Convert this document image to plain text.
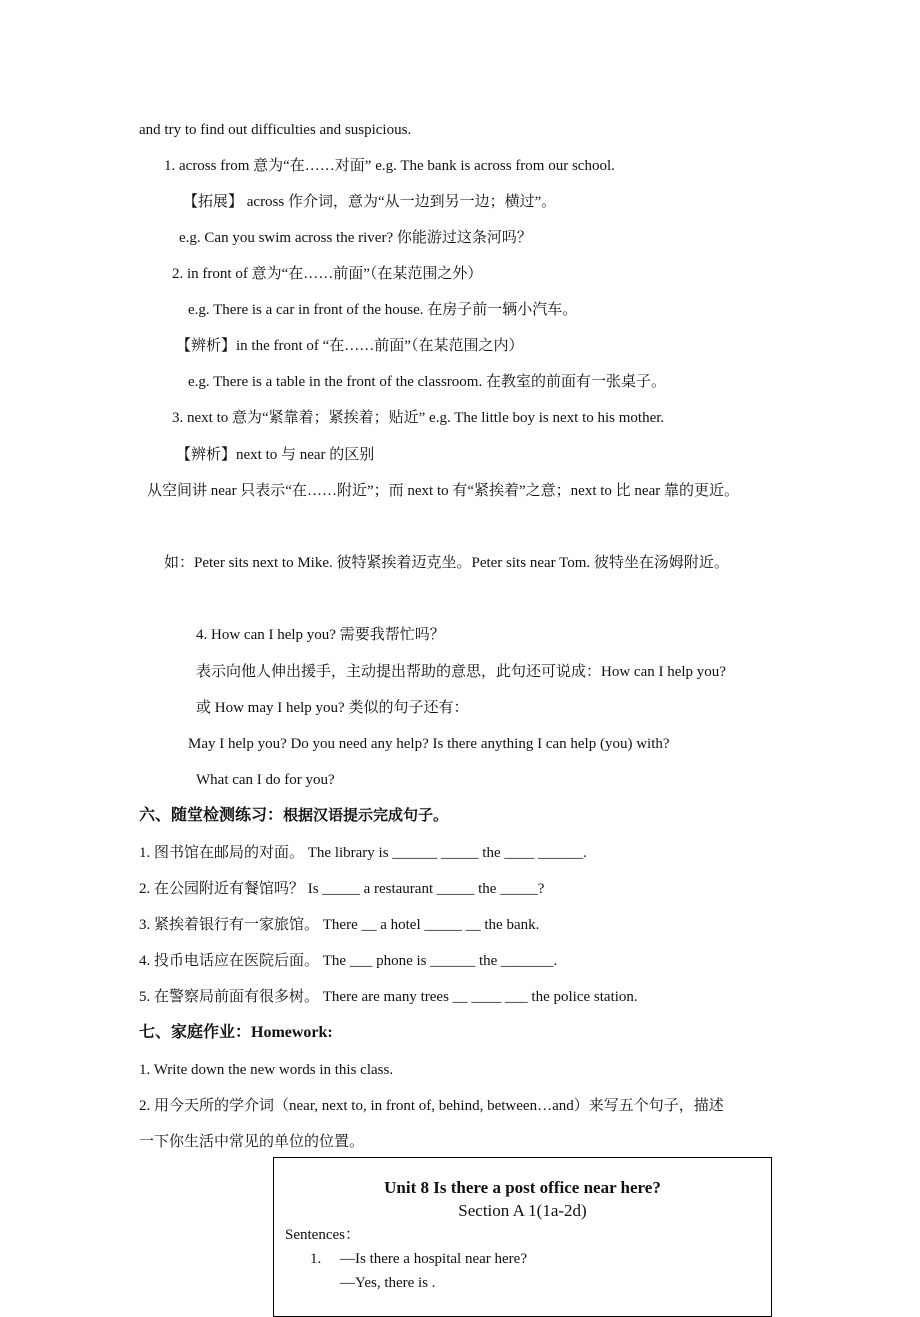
and try to find out difficulties and suspicious.
1. across from 意为“在……对面” e.g. The bank is across from our school.
【拓展】 across 作介词，意为“从一边到另一边；横过”。
e.g. Can you swim across the river? 你能游过这条河吗？
2. in front of 意为“在……前面”（在某范围之外）
e.g. There is a car in front of the house. 在房子前一辆小汽车。
【辨析】in the front of “在……前面”（在某范围之内）
e.g. There is a table in the front of the classroom. 在教室的前面有一张桌子。
3. next to 意为“紧靠着；紧挨着；贴近” e.g. The little boy is next to his mother.
【辨析】next to 与 near 的区别
从空间讲 near 只表示“在……附近”；而 next to 有“紧挨着”之意；next to 比 near 靠的更近。
如：Peter sits next to Mike. 彼特紧挨着迈克坐。Peter sits near Tom. 彼特坐在汤姆附近。
4. How can I help you? 需要我帮忙吗？
表示向他人伸出援手，主动提出帮助的意思，此句还可说成：How can I help you?
或 How may I help you? 类似的句子还有：
May I help you? Do you need any help? Is there anything I can help (you) with?
What can I do for you?
六、随堂检测练习：根据汉语提示完成句子。
1. 图书馆在邮局的对面。 The library is ______ _____ the ____ ______.
2. 在公园附近有餐馆吗？ Is _____ a restaurant _____ the _____?
3. 紧挨着银行有一家旅馆。 There __ a hotel _____ __ the bank.
4. 投币电话应在医院后面。 The ___ phone is ______ the _______.
5. 在警察局前面有很多树。 There are many trees __ ____ ___ the police station.
七、家庭作业：Homework:
1. Write down the new words in this class.
2. 用今天所的学介词（near, next to, in front of, behind, between…and）来写五个句子，描述
一下你生活中常见的单位的位置。
Unit 8 Is there a post office near here?
Section A 1(1a-2d)
Sentences：
1. —Is there a hospital near here?
—Yes, there is .
